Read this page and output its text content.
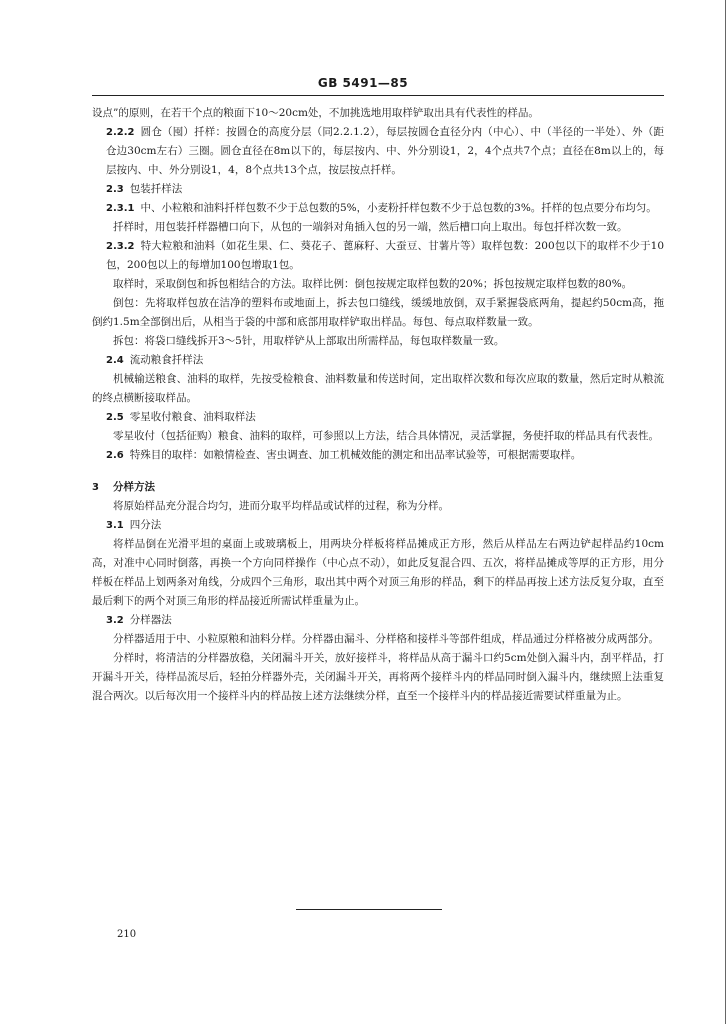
GB 5491—85

设点”的原则，在若干个点的粮面下10～20cm处，不加挑选地用取样铲取出具有代表性的样品。

2.2.2 圆仓（囤）扦样：按圆仓的高度分层（同2.2.1.2），每层按圆仓直径分内（中心）、中（半径的一半处）、外（距仓边30cm左右）三圈。圆仓直径在8m以下的，每层按内、中、外分别设1，2，4个点共7个点；直径在8m以上的，每层按内、中、外分别设1，4，8个点共13个点，按层按点扦样。

2.3 包装扦样法

2.3.1 中、小粒粮和油料扦样包数不少于总包数的5%，小麦粉扦样包数不少于总包数的3%。扦样的包点要分布均匀。

扦样时，用包装扦样器槽口向下，从包的一端斜对角插入包的另一端，然后槽口向上取出。每包扦样次数一致。

2.3.2 特大粒粮和油料（如花生果、仁、葵花子、蓖麻籽、大蚕豆、甘薯片等）取样包数：200包以下的取样不少于10包，200包以上的每增加100包增取1包。

取样时，采取倒包和拆包相结合的方法。取样比例：倒包按规定取样包数的20%；拆包按规定取样包数的80%。

倒包：先将取样包放在洁净的塑料布或地面上，拆去包口缝线，缓缓地放倒，双手紧握袋底两角，提起约50cm高，拖倒约1.5m全部倒出后，从相当于袋的中部和底部用取样铲取出样品。每包、每点取样数量一致。

拆包：将袋口缝线拆开3～5针，用取样铲从上部取出所需样品，每包取样数量一致。

2.4 流动粮食扦样法

机械输送粮食、油料的取样，先按受检粮食、油料数量和传送时间，定出取样次数和每次应取的数量，然后定时从粮流的终点横断接取样品。

2.5 零星收付粮食、油料取样法

零星收付（包括征购）粮食、油料的取样，可参照以上方法，结合具体情况，灵活掌握，务使扦取的样品具有代表性。

2.6 特殊目的取样：如粮情检查、害虫调查、加工机械效能的测定和出品率试验等，可根据需要取样。

3 分样方法

将原始样品充分混合均匀，进而分取平均样品或试样的过程，称为分样。

3.1 四分法

将样品倒在光滑平坦的桌面上或玻璃板上，用两块分样板将样品摊成正方形，然后从样品左右两边铲起样品约10cm高，对准中心同时倒落，再换一个方向同样操作（中心点不动），如此反复混合四、五次，将样品摊成等厚的正方形，用分样板在样品上划两条对角线，分成四个三角形，取出其中两个对顶三角形的样品，剩下的样品再按上述方法反复分取，直至最后剩下的两个对顶三角形的样品接近所需试样重量为止。

3.2 分样器法

分样器适用于中、小粒原粮和油料分样。分样器由漏斗、分样格和接样斗等部件组成，样品通过分样格被分成两部分。

分样时，将清洁的分样器放稳，关闭漏斗开关，放好接样斗，将样品从高于漏斗口约5cm处倒入漏斗内，刮平样品，打开漏斗开关，待样品流尽后，轻拍分样器外壳，关闭漏斗开关，再将两个接样斗内的样品同时倒入漏斗内，继续照上法重复混合两次。以后每次用一个接样斗内的样品按上述方法继续分样，直至一个接样斗内的样品接近需要试样重量为止。

210
